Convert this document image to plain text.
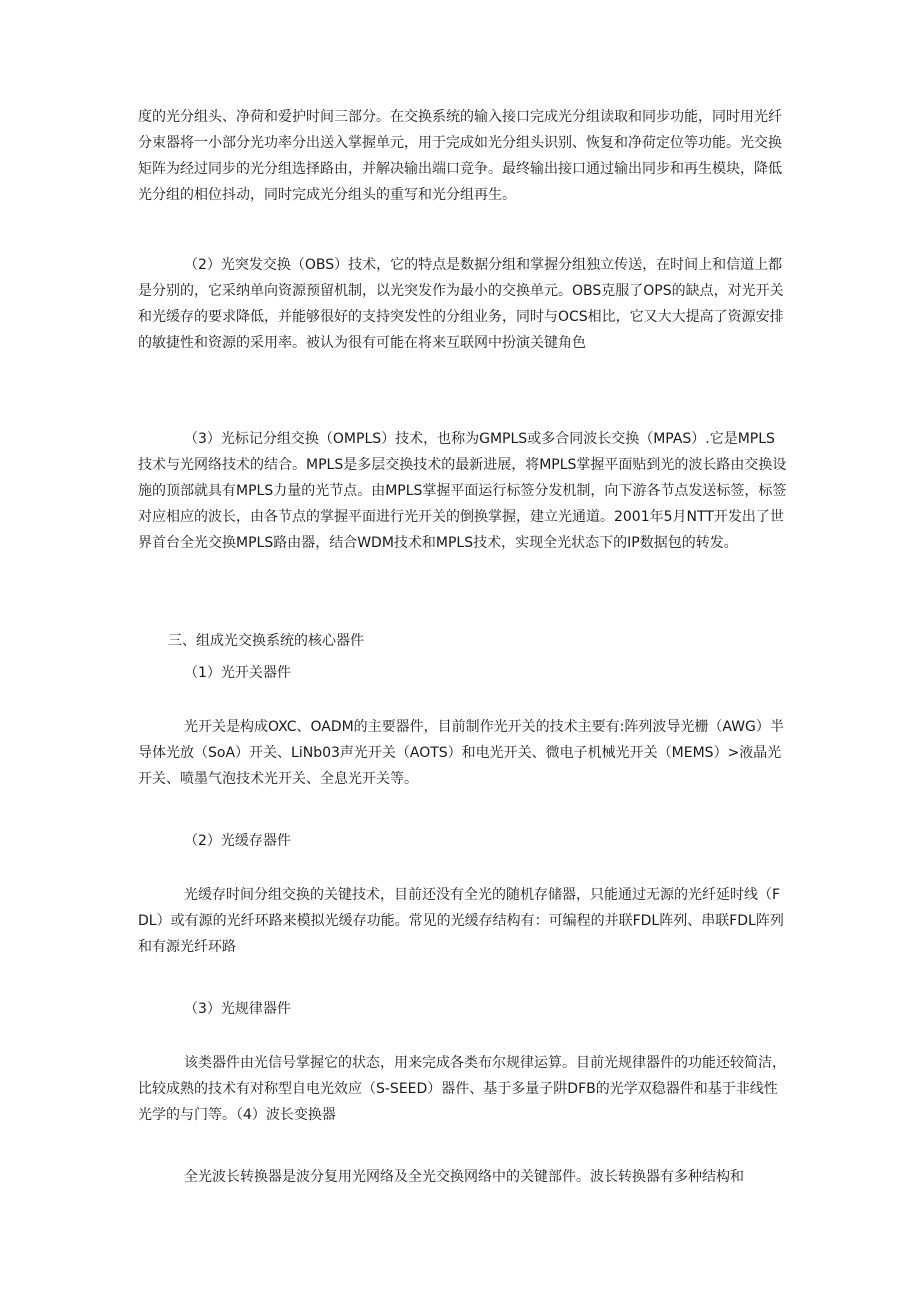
度的光分组头、净荷和爱护时间三部分。在交换系统的输入接口完成光分组读取和同步功能，同时用光纤分束器将一小部分光功率分出送入掌握单元，用于完成如光分组头识别、恢复和净荷定位等功能。光交换矩阵为经过同步的光分组选择路由，并解决输出端口竞争。最终输出接口通过输出同步和再生模块，降低光分组的相位抖动，同时完成光分组头的重写和光分组再生。

（2）光突发交换（OBS）技术，它的特点是数据分组和掌握分组独立传送，在时间上和信道上都是分别的，它采纳单向资源预留机制，以光突发作为最小的交换单元。OBS克服了OPS的缺点，对光开关和光缓存的要求降低，并能够很好的支持突发性的分组业务，同时与OCS相比，它又大大提高了资源安排的敏捷性和资源的采用率。被认为很有可能在将来互联网中扮演关键角色

（3）光标记分组交换（OMPLS）技术，也称为GMPLS或多合同波长交换（MPAS）.它是MPLS技术与光网络技术的结合。MPLS是多层交换技术的最新进展，将MPLS掌握平面贴到光的波长路由交换设施的顶部就具有MPLS力量的光节点。由MPLS掌握平面运行标签分发机制，向下游各节点发送标签，标签对应相应的波长，由各节点的掌握平面进行光开关的倒换掌握，建立光通道。2001年5月NTT开发出了世界首台全光交换MPLS路由器，结合WDM技术和MPLS技术，实现全光状态下的IP数据包的转发。

三、组成光交换系统的核心器件

（1）光开关器件

光开关是构成OXC、OADM的主要器件，目前制作光开关的技术主要有:阵列波导光栅（AWG）半导体光放（SoA）开关、LiNb03声光开关（AOTS）和电光开关、微电子机械光开关（MEMS）>液晶光开关、喷墨气泡技术光开关、全息光开关等。

（2）光缓存器件

光缓存时间分组交换的关键技术，目前还没有全光的随机存储器，只能通过无源的光纤延时线（FDL）或有源的光纤环路来模拟光缓存功能。常见的光缓存结构有：可编程的并联FDL阵列、串联FDL阵列和有源光纤环路

（3）光规律器件

该类器件由光信号掌握它的状态，用来完成各类布尔规律运算。目前光规律器件的功能还较简洁，比较成熟的技术有对称型自电光效应（S-SEED）器件、基于多量子阱DFB的光学双稳器件和基于非线性光学的与门等。（4）波长变换器

全光波长转换器是波分复用光网络及全光交换网络中的关键部件。波长转换器有多种结构和
